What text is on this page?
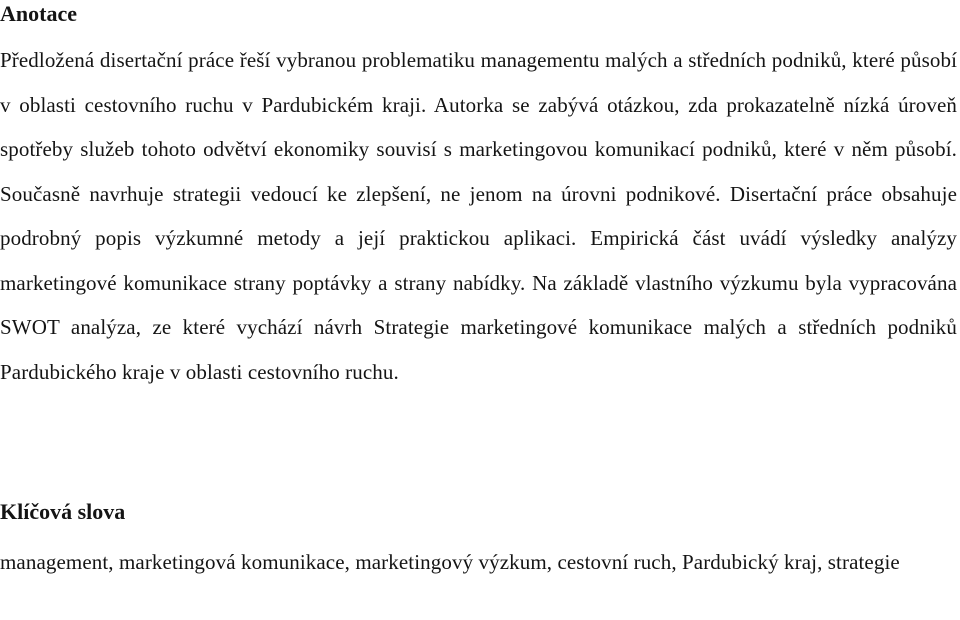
Anotace

Předložená disertační práce řeší vybranou problematiku managementu malých a středních podniků, které působí v oblasti cestovního ruchu v Pardubickém kraji. Autorka se zabývá otázkou, zda prokazatelně nízká úroveň spotřeby služeb tohoto odvětví ekonomiky souvisí s marketingovou komunikací podniků, které v něm působí. Současně navrhuje strategii vedoucí ke zlepšení, ne jenom na úrovni podnikové. Disertační práce obsahuje podrobný popis výzkumné metody a její praktickou aplikaci. Empirická část uvádí výsledky analýzy marketingové komunikace strany poptávky a strany nabídky. Na základě vlastního výzkumu byla vypracována SWOT analýza, ze které vychází návrh Strategie marketingové komunikace malých a středních podniků Pardubického kraje v oblasti cestovního ruchu.

Klíčová slova

management, marketingová komunikace, marketingový výzkum, cestovní ruch, Pardubický kraj, strategie
